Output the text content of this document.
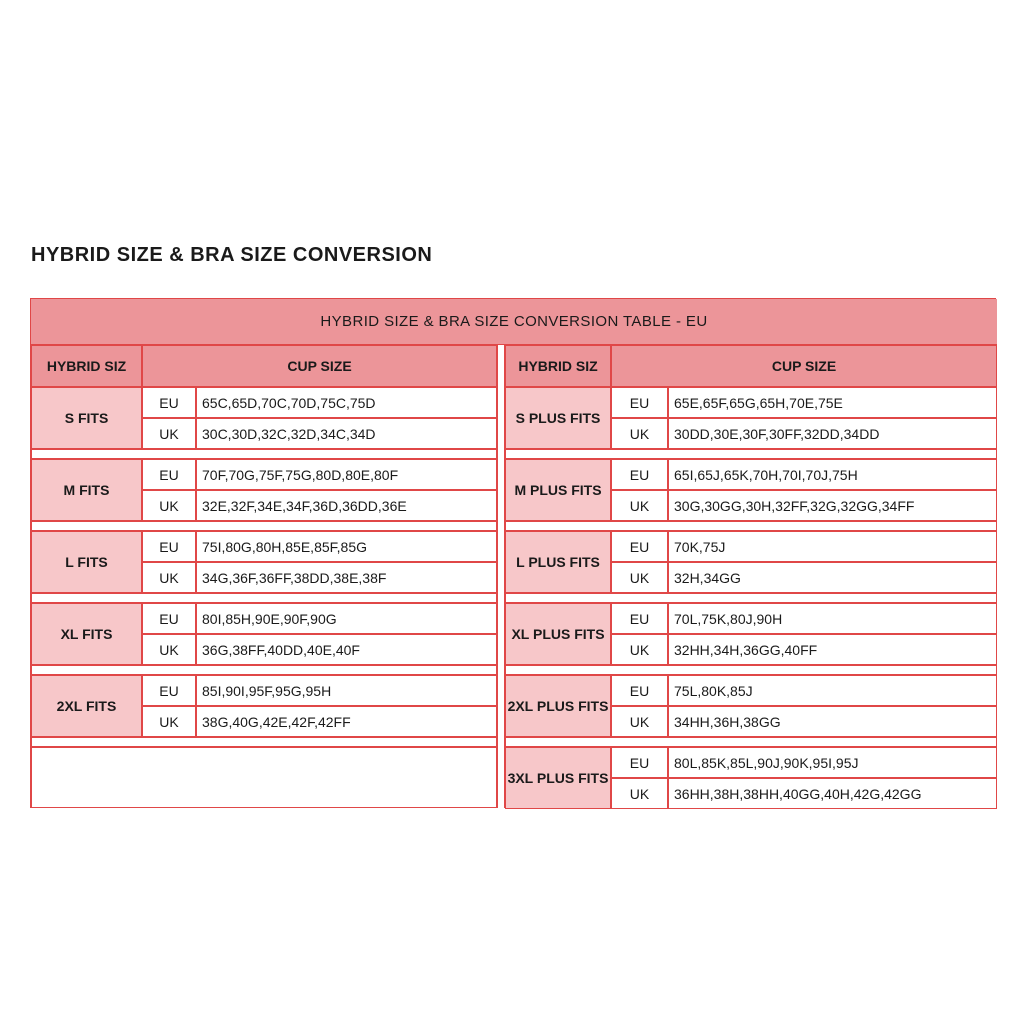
HYBRID SIZE & BRA SIZE CONVERSION
HYBRID SIZE & BRA SIZE CONVERSION TABLE - EU
HYBRID SIZ	CUP SIZE
S FITS
EU	65C,65D,70C,70D,75C,75D
UK	30C,30D,32C,32D,34C,34D
M FITS
EU	70F,70G,75F,75G,80D,80E,80F
UK	32E,32F,34E,34F,36D,36DD,36E
L FITS
EU	75I,80G,80H,85E,85F,85G
UK	34G,36F,36FF,38DD,38E,38F
XL FITS
EU	80I,85H,90E,90F,90G
UK	36G,38FF,40DD,40E,40F
2XL FITS
EU	85I,90I,95F,95G,95H
UK	38G,40G,42E,42F,42FF
HYBRID SIZ	CUP SIZE
S PLUS FITS
EU	65E,65F,65G,65H,70E,75E
UK	30DD,30E,30F,30FF,32DD,34DD
M PLUS FITS
EU	65I,65J,65K,70H,70I,70J,75H
UK	30G,30GG,30H,32FF,32G,32GG,34FF
L PLUS FITS
EU	70K,75J
UK	32H,34GG
XL PLUS FITS
EU	70L,75K,80J,90H
UK	32HH,34H,36GG,40FF
2XL PLUS FITS
EU	75L,80K,85J
UK	34HH,36H,38GG
3XL PLUS FITS
EU	80L,85K,85L,90J,90K,95I,95J
UK	36HH,38H,38HH,40GG,40H,42G,42GG
